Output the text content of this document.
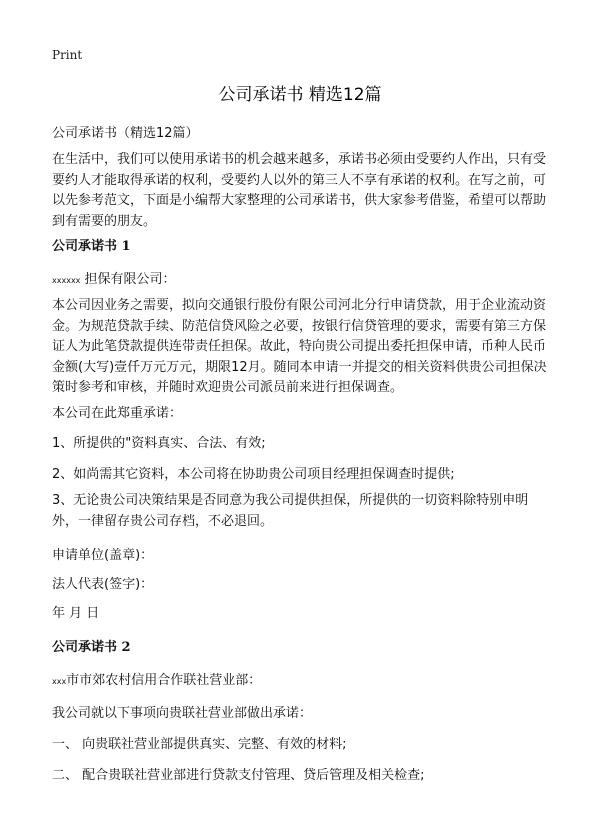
Print
公司承诺书 精选12篇
公司承诺书（精选12篇）
在生活中，我们可以使用承诺书的机会越来越多，承诺书必须由受要约人作出，只有受要约人才能取得承诺的权利，受要约人以外的第三人不享有承诺的权利。在写之前，可以先参考范文，下面是小编帮大家整理的公司承诺书，供大家参考借鉴，希望可以帮助到有需要的朋友。
公司承诺书 1
xxxxxx 担保有限公司：
本公司因业务之需要，拟向交通银行股份有限公司河北分行申请贷款，用于企业流动资金。为规范贷款手续、防范信贷风险之必要，按银行信贷管理的要求，需要有第三方保证人为此笔贷款提供连带责任担保。故此，特向贵公司提出委托担保申请，币种人民币金额(大写)壹仟万元万元，期限12月。随同本申请一并提交的相关资料供贵公司担保决策时参考和审核，并随时欢迎贵公司派员前来进行担保调查。
本公司在此郑重承诺：
1、所提供的"资料真实、合法、有效;
2、如尚需其它资料，本公司将在协助贵公司项目经理担保调查时提供;
3、无论贵公司决策结果是否同意为我公司提供担保，所提供的一切资料除特别申明外，一律留存贵公司存档，不必退回。
申请单位(盖章)：
法人代表(签字)：
年 月 日
公司承诺书 2
xxx市市郊农村信用合作联社营业部：
我公司就以下事项向贵联社营业部做出承诺：
一、 向贵联社营业部提供真实、完整、有效的材料;
二、 配合贵联社营业部进行贷款支付管理、贷后管理及相关检查;
